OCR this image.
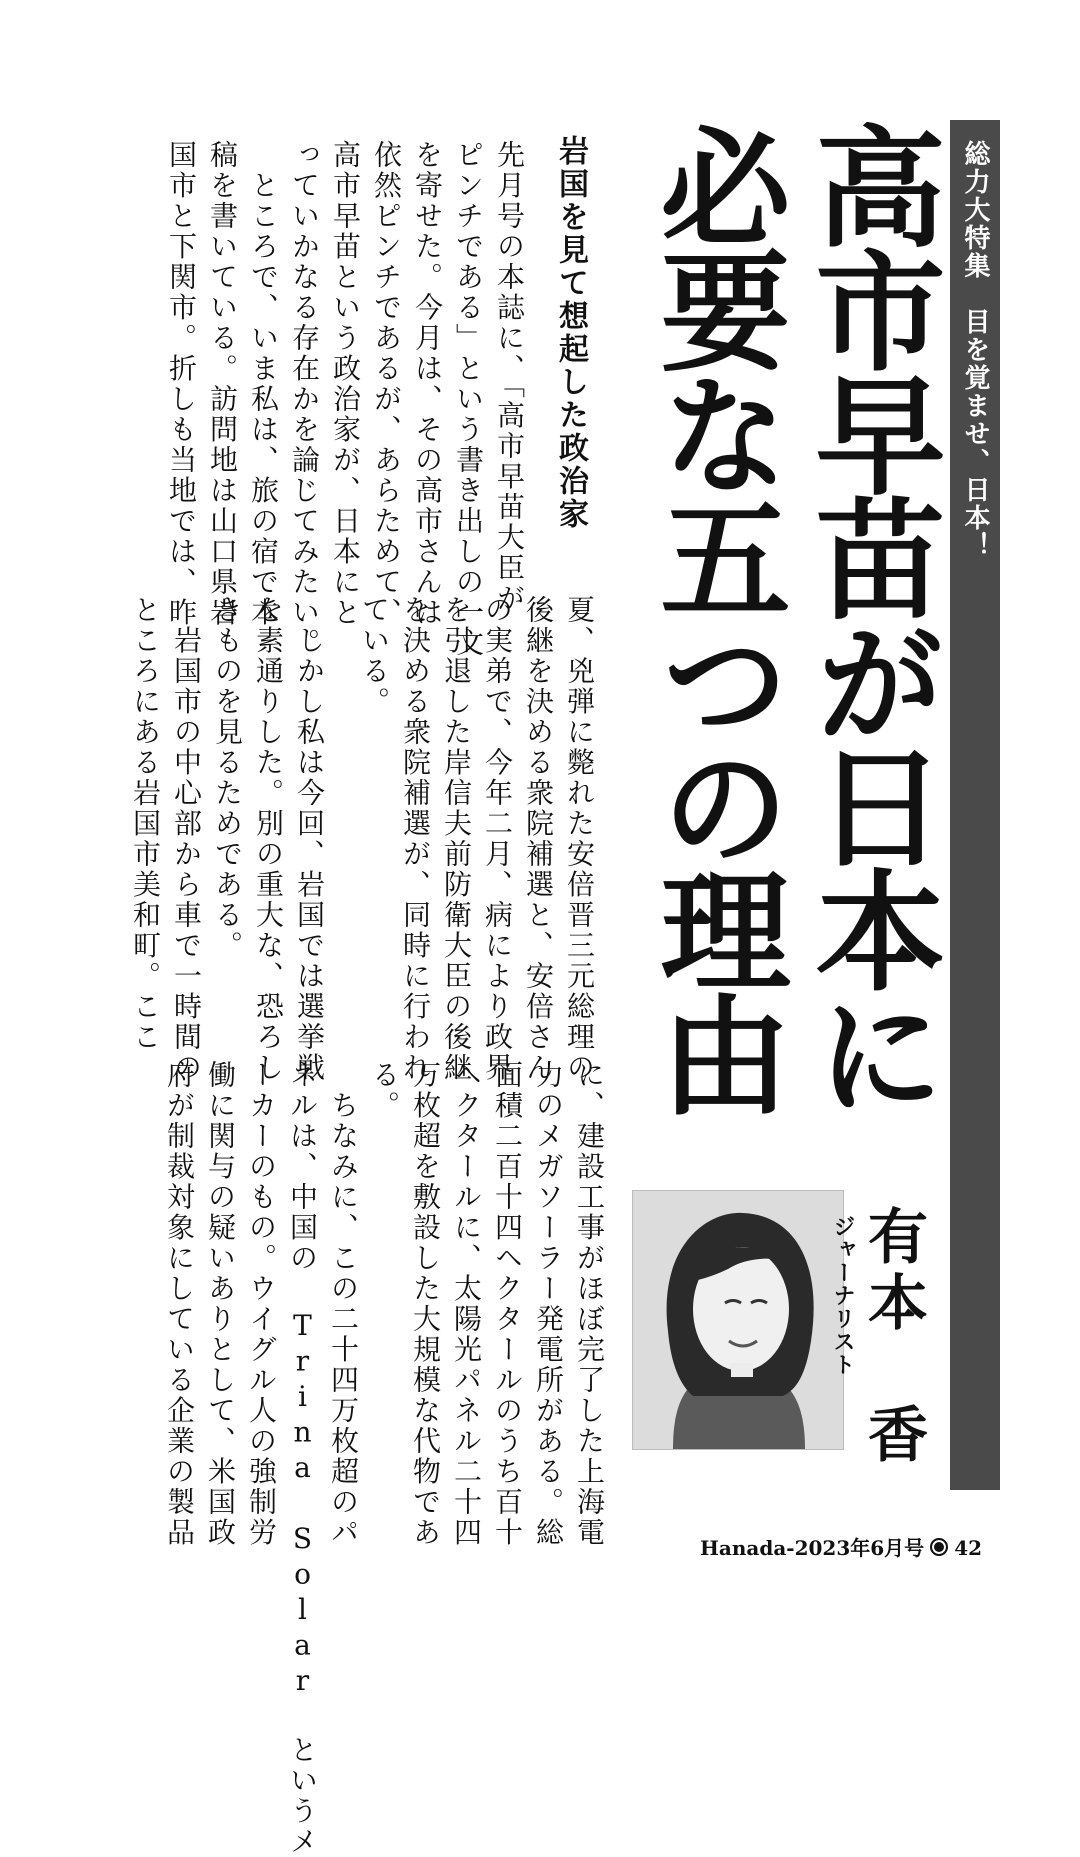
総力大特集　目を覚ませ、日本！
高市早苗が日本に
必要な五つの理由
岩国を見て想起した政治家
先月号の本誌に、「高市早苗大臣が
ピンチである」という書き出しの一文
を寄せた。今月は、その高市さんは
依然ピンチであるが、あらためて、
高市早苗という政治家が、日本にと
っていかなる存在かを論じてみたい。
　ところで、いま私は、旅の宿で本
稿を書いている。訪問地は山口県岩
国市と下関市。折しも当地では、昨
夏、兇弾に斃れた安倍晋三元総理の
後継を決める衆院補選と、安倍さん
の実弟で、今年二月、病により政界
を引退した岸信夫前防衛大臣の後継
を決める衆院補選が、同時に行われ
ている。
　しかし私は今回、岩国では選挙戦
を素通りした。別の重大な、恐ろし
きものを見るためである。
　岩国市の中心部から車で一時間の
ところにある岩国市美和町。ここ
に、建設工事がほぼ完了した上海電
力のメガソーラー発電所がある。総
面積二百十四ヘクタールのうち百十
ヘクタールに、太陽光パネル二十四
万枚超を敷設した大規模な代物であ
る。
　ちなみに、この二十四万枚超のパ
ネルは、中国の Trina Solar というメ
ーカーのもの。ウイグル人の強制労
働に関与の疑いありとして、米国政
府が制裁対象にしている企業の製品	有本　香
ジャーナリスト
Hanada-2023年6月号 42
